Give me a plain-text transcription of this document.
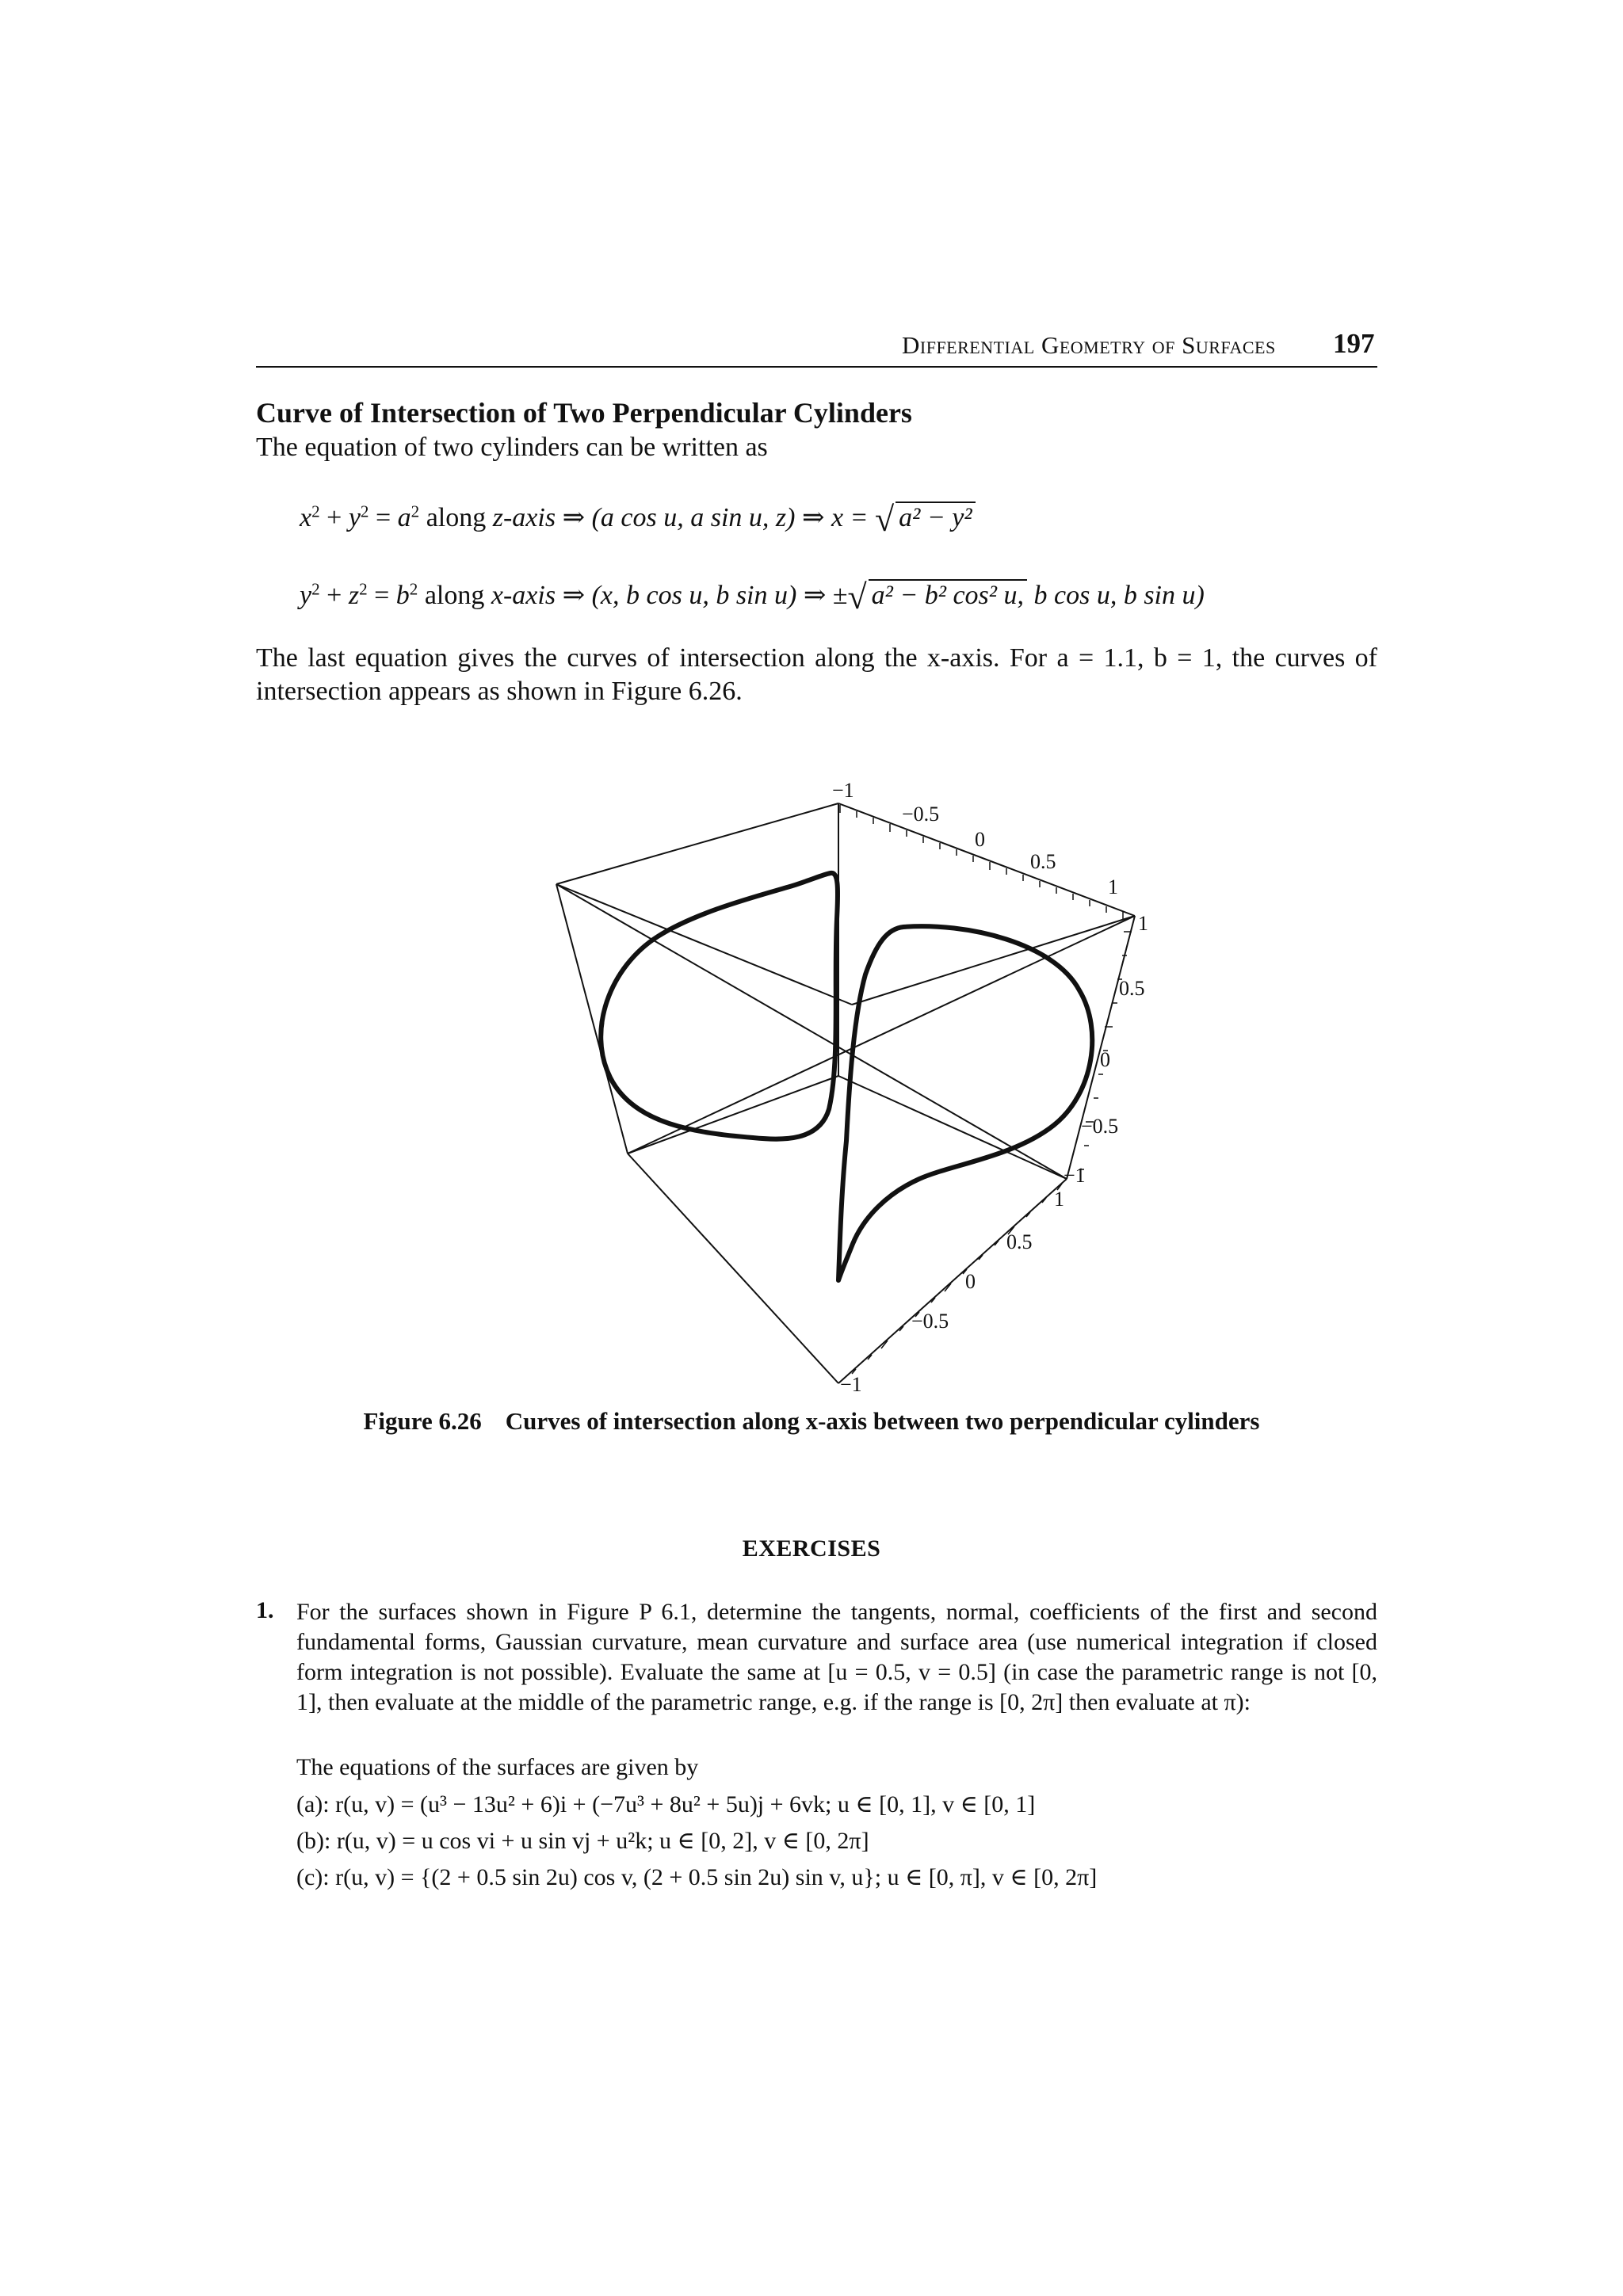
Differential Geometry of Surfaces 197
Curve of Intersection of Two Perpendicular Cylinders
The equation of two cylinders can be written as
$x^2 + y^2 = a^2$ along z-axis ⇒ (a cos u, a sin u, z) ⇒ x = √ a² − y²
$y^2 + z^2 = b^2$ along x-axis ⇒ (x, b cos u, b sin u) ⇒ ±√ a² − b² cos² u, b cos u, b sin u)
The last equation gives the curves of intersection along the x-axis. For a = 1.1, b = 1, the curves of intersection appears as shown in Figure 6.26.
−1
−0.5
0
0.5
1
1
0.5
0
−0.5
−1
1
0.5
0
−0.5
−1
Figure 6.26 Curves of intersection along x-axis between two perpendicular cylinders
EXERCISES
1. For the surfaces shown in Figure P 6.1, determine the tangents, normal, coefficients of the first and second fundamental forms, Gaussian curvature, mean curvature and surface area (use numerical integration if closed form integration is not possible). Evaluate the same at [u = 0.5, v = 0.5] (in case the parametric range is not [0, 1], then evaluate at the middle of the parametric range, e.g. if the range is [0, 2π] then evaluate at π):
The equations of the surfaces are given by
(a): r(u, v) = (u³ − 13u² + 6)i + (−7u³ + 8u² + 5u)j + 6vk; u ∈ [0, 1], v ∈ [0, 1]
(b): r(u, v) = u cos vi + u sin vj + u²k; u ∈ [0, 2], v ∈ [0, 2π]
(c): r(u, v) = {(2 + 0.5 sin 2u) cos v, (2 + 0.5 sin 2u) sin v, u}; u ∈ [0, π], v ∈ [0, 2π]
